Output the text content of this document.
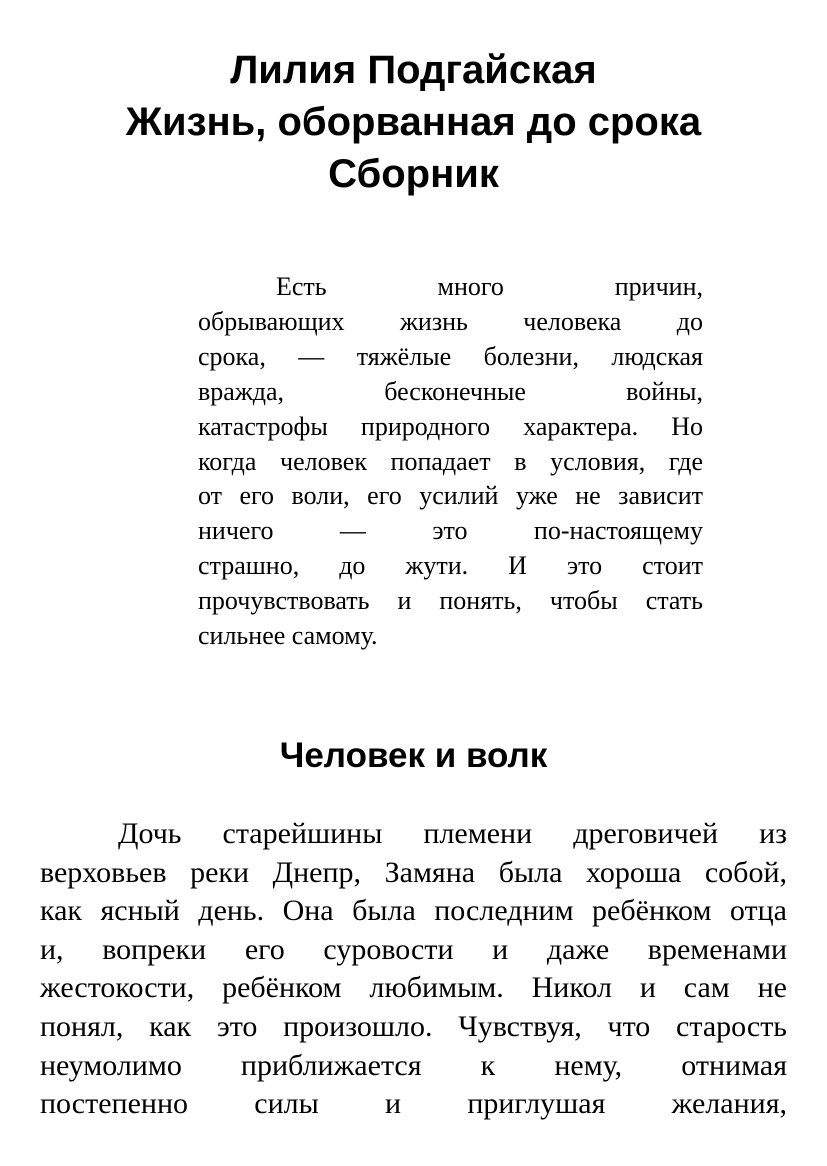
Лилия Подгайская
Жизнь, оборванная до срока
Сборник
Есть много причин,
обрывающих жизнь человека до
срока, — тяжёлые болезни, людская
вражда, бесконечные войны,
катастрофы природного характера. Но
когда человек попадает в условия, где
от его воли, его усилий уже не зависит
ничего — это по-настоящему
страшно, до жути. И это стоит
прочувствовать и понять, чтобы стать
сильнее самому.
Человек и волк
Дочь старейшины племени дреговичей из
верховьев реки Днепр, Замяна была хороша собой,
как ясный день. Она была последним ребёнком отца
и, вопреки его суровости и даже временами
жестокости, ребёнком любимым. Никол и сам не
понял, как это произошло. Чувствуя, что старость
неумолимо приближается к нему, отнимая
постепенно силы и приглушая желания,
